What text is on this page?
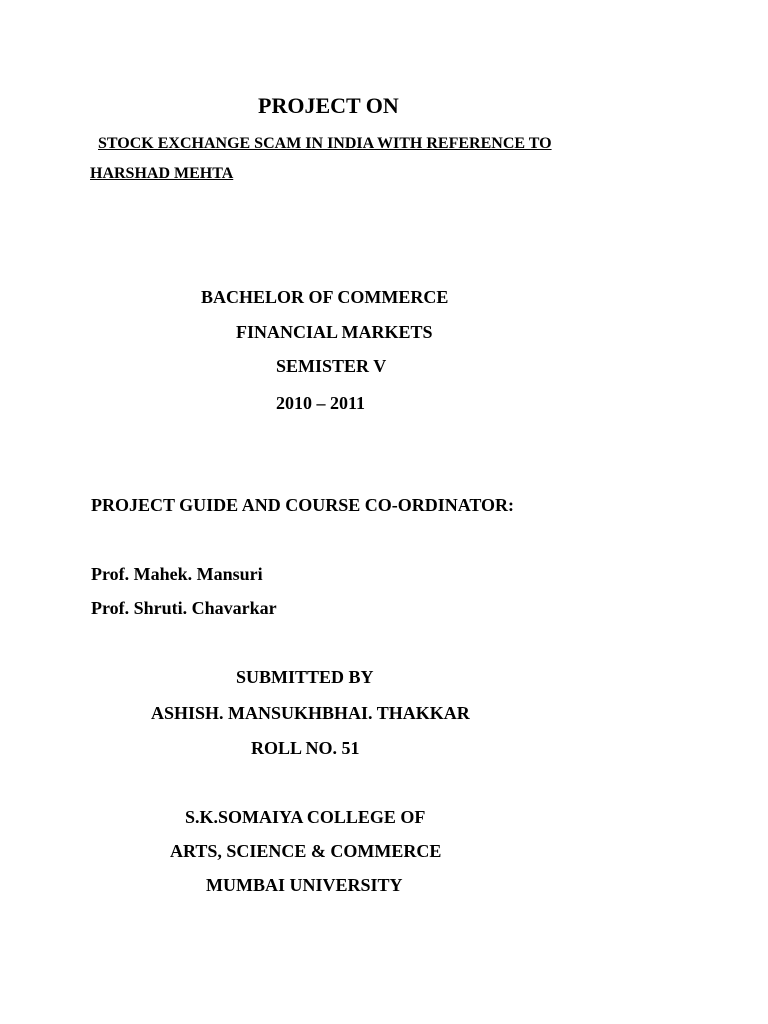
PROJECT ON
STOCK EXCHANGE SCAM IN INDIA WITH REFERENCE TO
HARSHAD MEHTA
BACHELOR OF COMMERCE
FINANCIAL MARKETS
SEMISTER V
2010 – 2011
PROJECT GUIDE AND COURSE CO-ORDINATOR:
Prof. Mahek. Mansuri
Prof. Shruti. Chavarkar
SUBMITTED BY
ASHISH. MANSUKHBHAI. THAKKAR
ROLL NO. 51
S.K.SOMAIYA COLLEGE OF
ARTS, SCIENCE & COMMERCE
MUMBAI UNIVERSITY
